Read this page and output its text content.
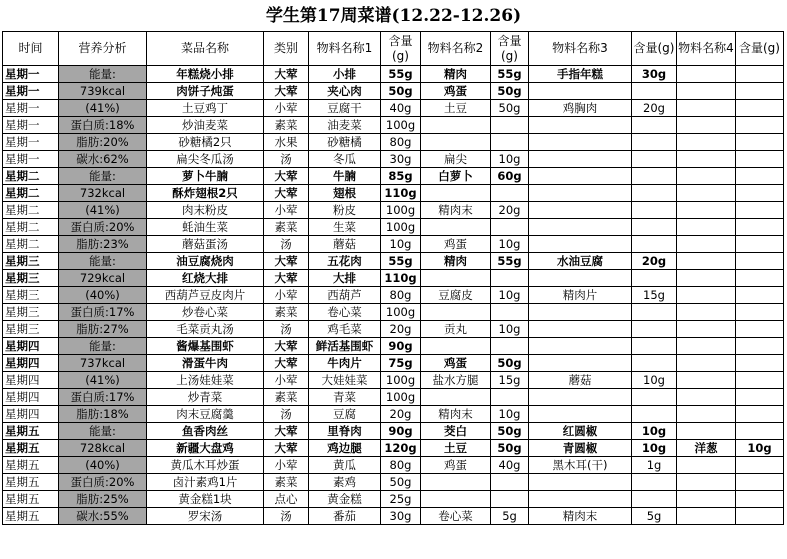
学生第17周菜谱(12.22-12.26)
时间	营养分析	菜品名称	类别	物料名称1	含量(g)	物料名称2	含量(g)	物料名称3	含量(g)	物料名称4	含量(g)
星期一	能量:	年糕烧小排	大荤	小排	55g	精肉	55g	手指年糕	30g		
星期一	739kcal	肉饼子炖蛋	大荤	夹心肉	50g	鸡蛋	50g				
星期一	(41%)	土豆鸡丁	小荤	豆腐干	40g	土豆	50g	鸡胸肉	20g		
星期一	蛋白质:18%	炒油麦菜	素菜	油麦菜	100g						
星期一	脂肪:20%	砂糖橘2只	水果	砂糖橘	80g						
星期一	碳水:62%	扁尖冬瓜汤	汤	冬瓜	30g	扁尖	10g				
星期二	能量:	萝卜牛腩	大荤	牛腩	85g	白萝卜	60g				
星期二	732kcal	酥炸翅根2只	大荤	翅根	110g						
星期二	(41%)	肉末粉皮	小荤	粉皮	100g	精肉末	20g				
星期二	蛋白质:20%	蚝油生菜	素菜	生菜	100g						
星期二	脂肪:23%	蘑菇蛋汤	汤	蘑菇	10g	鸡蛋	10g				
星期三	能量:	油豆腐烧肉	大荤	五花肉	55g	精肉	55g	水油豆腐	20g		
星期三	729kcal	红烧大排	大荤	大排	110g						
星期三	(40%)	西葫芦豆皮肉片	小荤	西葫芦	80g	豆腐皮	10g	精肉片	15g		
星期三	蛋白质:17%	炒卷心菜	素菜	卷心菜	100g						
星期三	脂肪:27%	毛菜贡丸汤	汤	鸡毛菜	20g	贡丸	10g				
星期四	能量:	酱爆基围虾	大荤	鲜活基围虾	90g						
星期四	737kcal	滑蛋牛肉	大荤	牛肉片	75g	鸡蛋	50g				
星期四	(41%)	上汤娃娃菜	小荤	大娃娃菜	100g	盐水方腿	15g	蘑菇	10g		
星期四	蛋白质:17%	炒青菜	素菜	青菜	100g						
星期四	脂肪:18%	肉末豆腐羹	汤	豆腐	20g	精肉末	10g				
星期五	能量:	鱼香肉丝	大荤	里脊肉	90g	茭白	50g	红圆椒	10g		
星期五	728kcal	新疆大盘鸡	大荤	鸡边腿	120g	土豆	50g	青圆椒	10g	洋葱	10g
星期五	(40%)	黄瓜木耳炒蛋	小荤	黄瓜	80g	鸡蛋	40g	黑木耳(干)	1g		
星期五	蛋白质:20%	卤汁素鸡1片	素菜	素鸡	50g						
星期五	脂肪:25%	黄金糕1块	点心	黄金糕	25g						
星期五	碳水:55%	罗宋汤	汤	番茄	30g	卷心菜	5g	精肉末	5g		
